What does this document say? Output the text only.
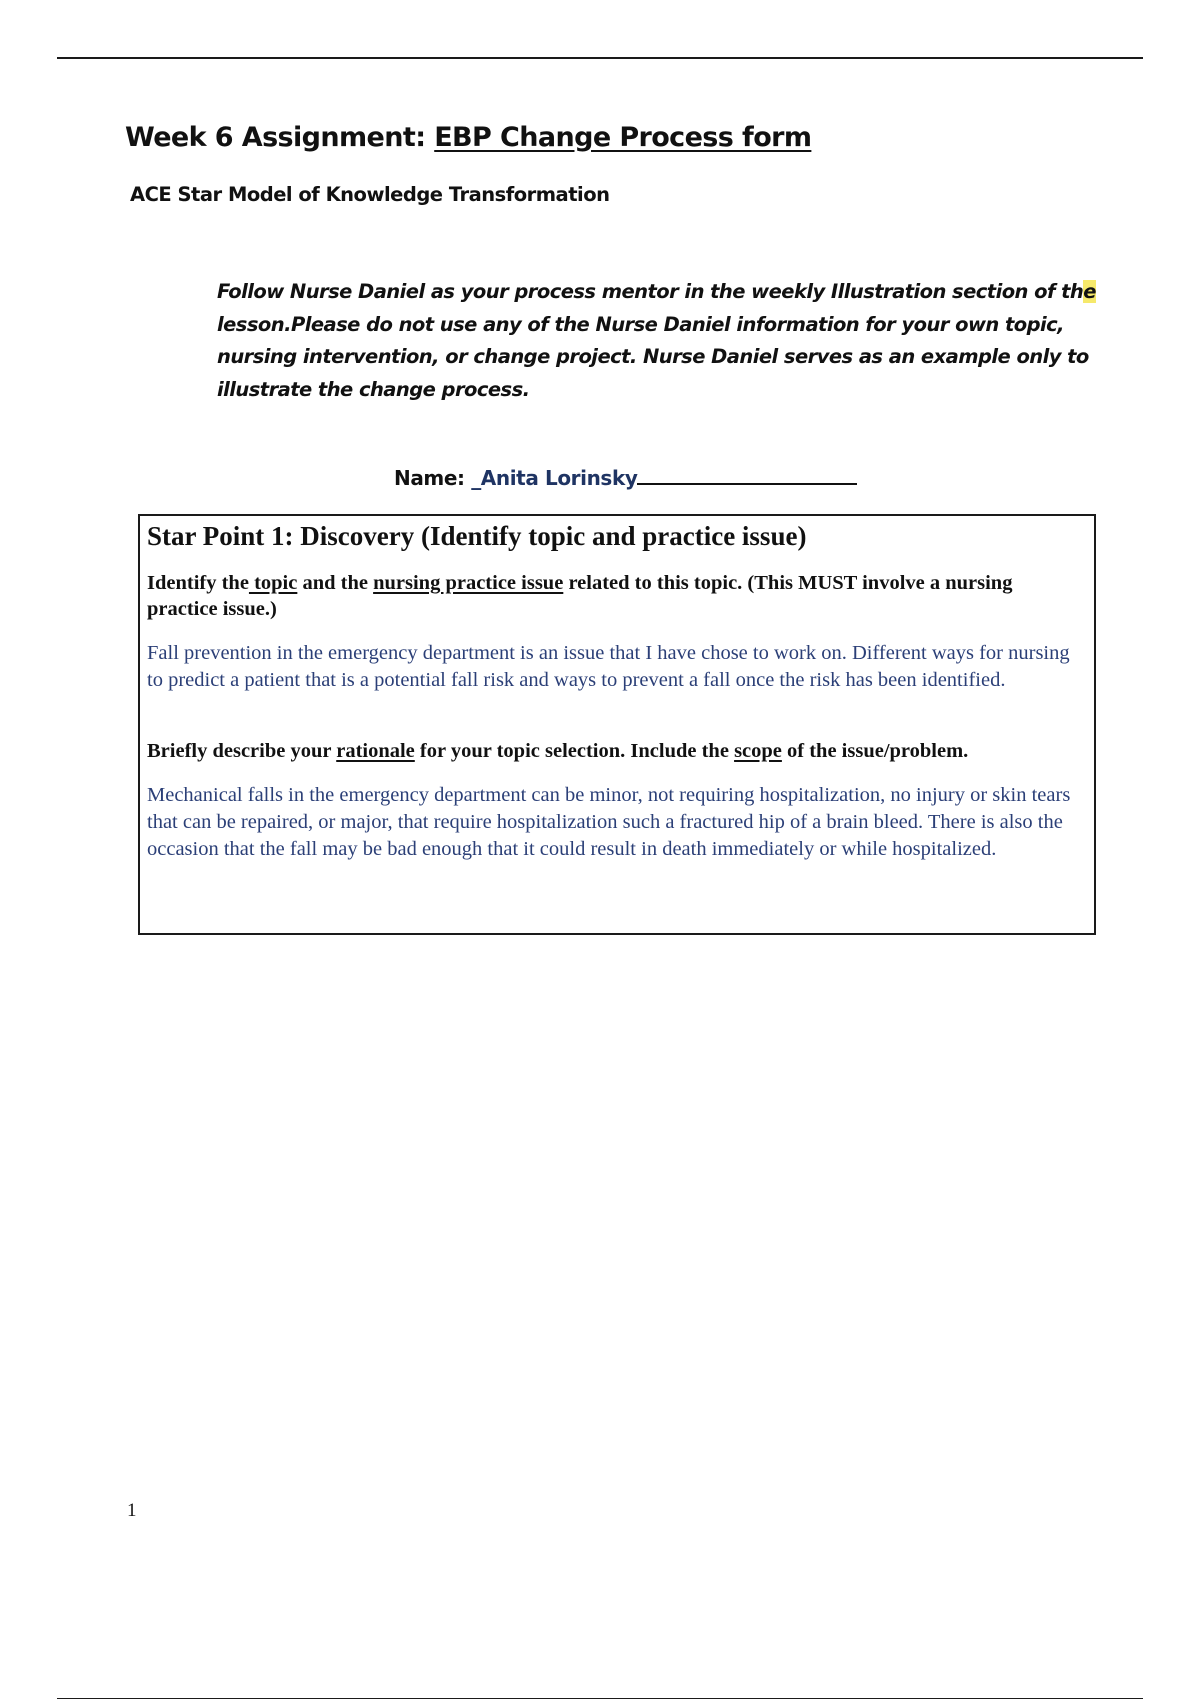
Week 6 Assignment: EBP Change Process form
ACE Star Model of Knowledge Transformation
Follow Nurse Daniel as your process mentor in the weekly Illustration section of the lesson.Please do not use any of the Nurse Daniel information for your own topic, nursing intervention, or change project. Nurse Daniel serves as an example only to illustrate the change process.
Name: _Anita Lorinsky
Star Point 1: Discovery (Identify topic and practice issue)
Identify the topic and the nursing practice issue related to this topic. (This MUST involve a nursing practice issue.)
Fall prevention in the emergency department is an issue that I have chose to work on. Different ways for nursing to predict a patient that is a potential fall risk and ways to prevent a fall once the risk has been identified.
Briefly describe your rationale for your topic selection. Include the scope of the issue/problem.
Mechanical falls in the emergency department can be minor, not requiring hospitalization, no injury or skin tears that can be repaired, or major, that require hospitalization such a fractured hip of a brain bleed. There is also the occasion that the fall may be bad enough that it could result in death immediately or while hospitalized.
1
